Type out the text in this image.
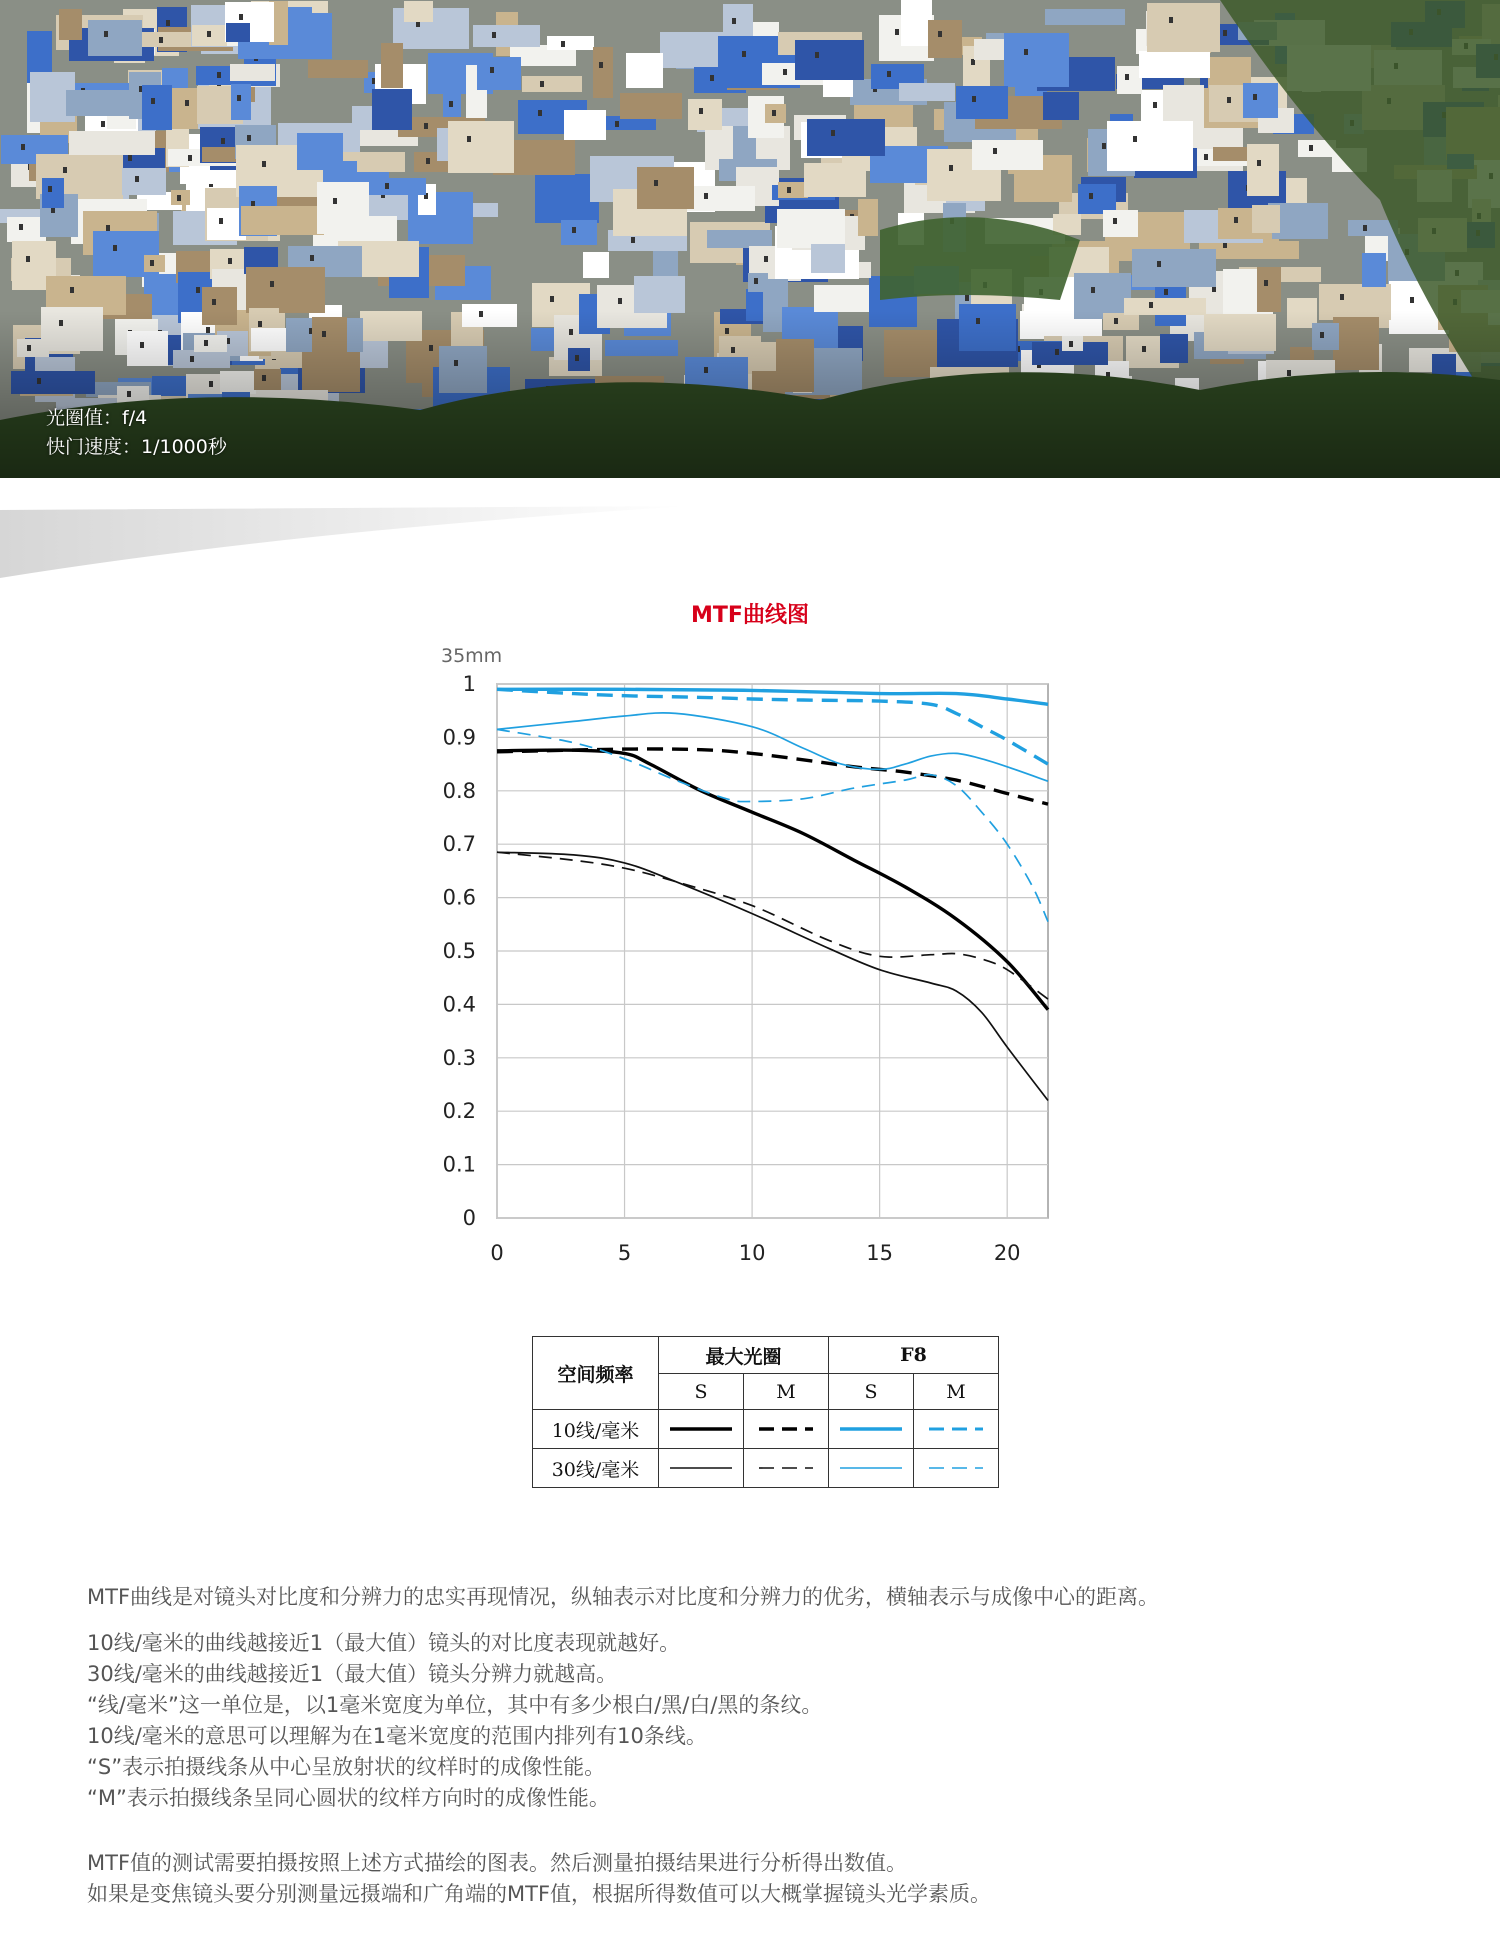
光圈值：f/4
快门速度：1/1000秒
MTF曲线图
35mm
0
0.1
0.2
0.3
0.4
0.5
0.6
0.7
0.8
0.9
1
0	5	10	15	20
空间频率	最大光圈		F8	
	S	M	S	M
10线/毫米	

30线/毫米	

MTF曲线是对镜头对比度和分辨力的忠实再现情况，纵轴表示对比度和分辨力的优劣，横轴表示与成像中心的距离。

10线/毫米的曲线越接近1（最大值）镜头的对比度表现就越好。

30线/毫米的曲线越接近1（最大值）镜头分辨力就越高。

“线/毫米”这一单位是，以1毫米宽度为单位，其中有多少根白/黑/白/黑的条纹。

10线/毫米的意思可以理解为在1毫米宽度的范围内排列有10条线。

“S”表示拍摄线条从中心呈放射状的纹样时的成像性能。

“M”表示拍摄线条呈同心圆状的纹样方向时的成像性能。

MTF值的测试需要拍摄按照上述方式描绘的图表。然后测量拍摄结果进行分析得出数值。

如果是变焦镜头要分别测量远摄端和广角端的MTF值，根据所得数值可以大概掌握镜头光学素质。
